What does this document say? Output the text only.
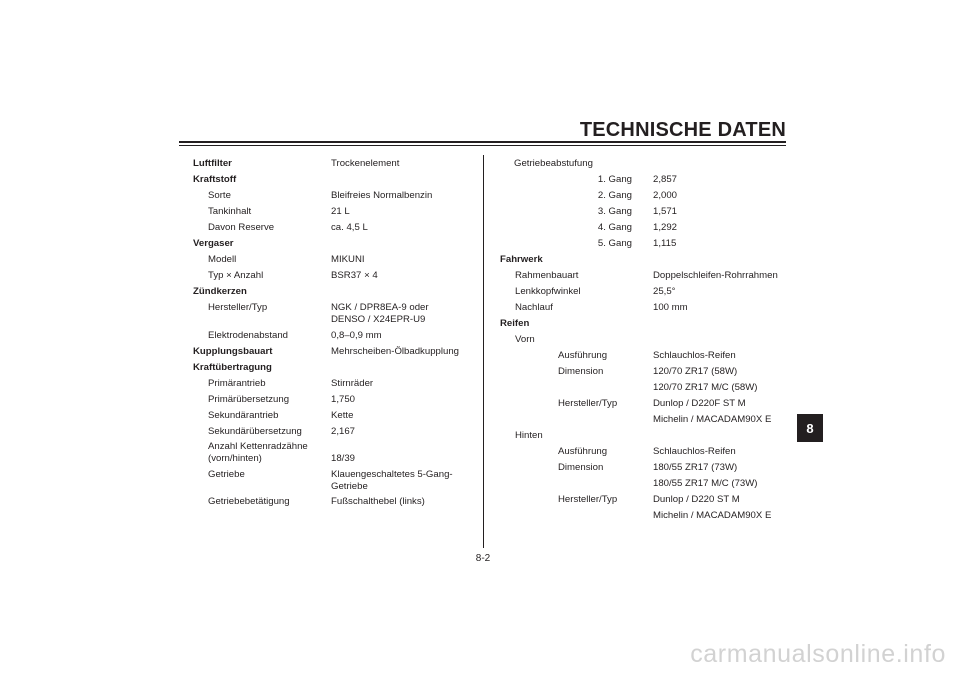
TECHNISCHE DATEN
8
Luftfilter	Trockenelement
Kraftstoff
Sorte	Bleifreies Normalbenzin
Tankinhalt	21 L
Davon Reserve	ca. 4,5 L
Vergaser
Modell	MIKUNI
Typ × Anzahl	BSR37 × 4
Zündkerzen
Hersteller/Typ	NGK / DPR8EA-9 oder
DENSO / X24EPR-U9
Elektrodenabstand	0,8–0,9 mm
Kupplungsbauart	Mehrscheiben-Ölbadkupplung
Kraftübertragung
Primärantrieb	Stirnräder
Primärübersetzung	1,750
Sekundärantrieb	Kette
Sekundärübersetzung	2,167
Anzahl Kettenradzähne
(vorn/hinten)	18/39
Getriebe	Klauengeschaltetes 5-Gang-
Getriebe
Getriebebetätigung	Fußschalthebel (links)
Getriebeabstufung
1. Gang 2,857
2. Gang 2,000
3. Gang 1,571
4. Gang 1,292
5. Gang 1,115
Fahrwerk
Rahmenbauart	Doppelschleifen-Rohrrahmen
Lenkkopfwinkel	25,5°
Nachlauf	100 mm
Reifen
Vorn
Ausführung	Schlauchlos-Reifen
Dimension	120/70 ZR17 (58W)
120/70 ZR17 M/C (58W)
Hersteller/Typ	Dunlop / D220F ST M
Michelin / MACADAM90X E
Hinten
Ausführung	Schlauchlos-Reifen
Dimension	180/55 ZR17 (73W)
180/55 ZR17 M/C (73W)
Hersteller/Typ	Dunlop / D220 ST M
Michelin / MACADAM90X E
8-2
carmanualsonline.info
